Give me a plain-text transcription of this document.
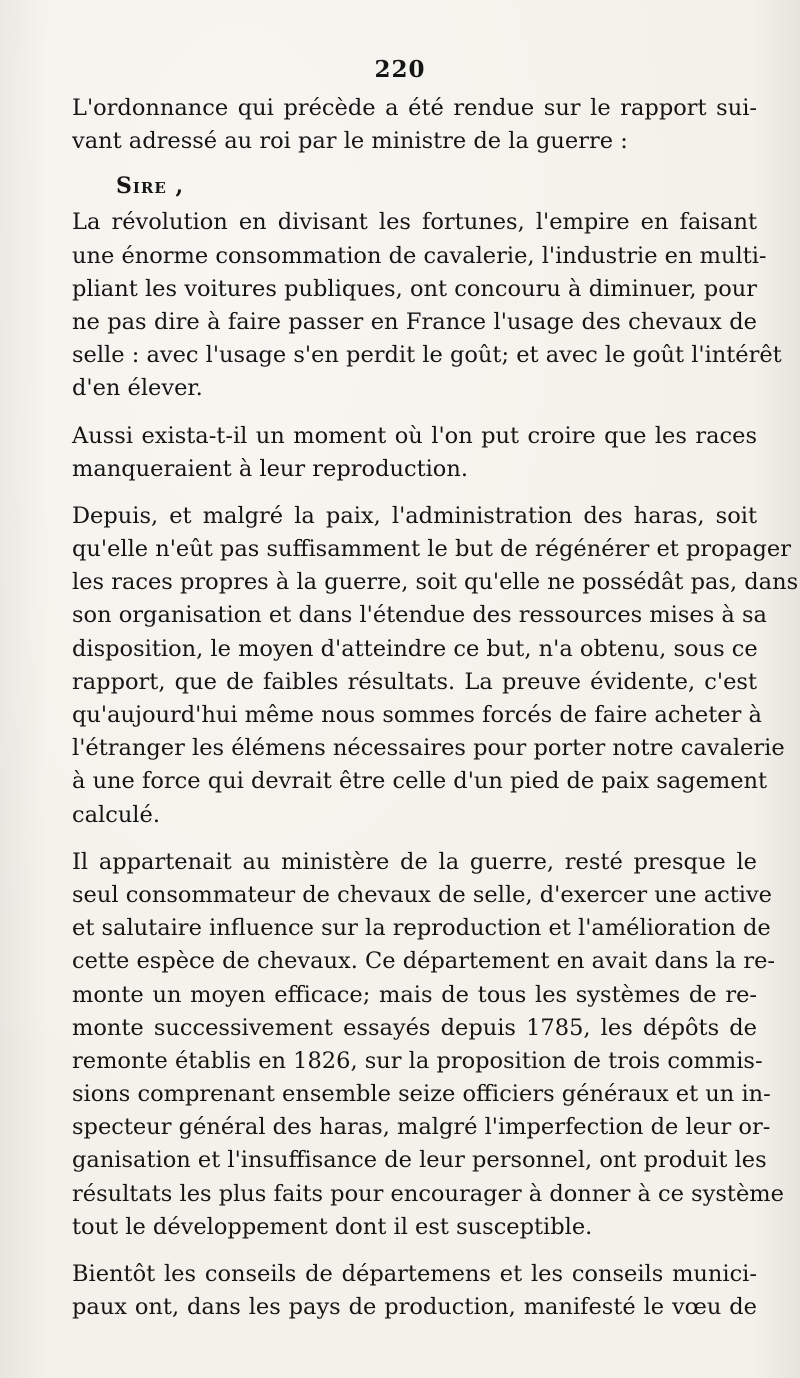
220
L'ordonnance qui précède a été rendue sur le rapport sui-
vant adressé au roi par le ministre de la guerre :
Sire ,
La révolution en divisant les fortunes, l'empire en faisant
une énorme consommation de cavalerie, l'industrie en multi-
pliant les voitures publiques, ont concouru à diminuer, pour
ne pas dire à faire passer en France l'usage des chevaux de
selle : avec l'usage s'en perdit le goût; et avec le goût l'intérêt
d'en élever.
Aussi exista-t-il un moment où l'on put croire que les races
manqueraient à leur reproduction.
Depuis, et malgré la paix, l'administration des haras, soit
qu'elle n'eût pas suffisamment le but de régénérer et propager
les races propres à la guerre, soit qu'elle ne possédât pas, dans
son organisation et dans l'étendue des ressources mises à sa
disposition, le moyen d'atteindre ce but, n'a obtenu, sous ce
rapport, que de faibles résultats. La preuve évidente, c'est
qu'aujourd'hui même nous sommes forcés de faire acheter à
l'étranger les élémens nécessaires pour porter notre cavalerie
à une force qui devrait être celle d'un pied de paix sagement
calculé.
Il appartenait au ministère de la guerre, resté presque le
seul consommateur de chevaux de selle, d'exercer une active
et salutaire influence sur la reproduction et l'amélioration de
cette espèce de chevaux. Ce département en avait dans la re-
monte un moyen efficace; mais de tous les systèmes de re-
monte successivement essayés depuis 1785, les dépôts de
remonte établis en 1826, sur la proposition de trois commis-
sions comprenant ensemble seize officiers généraux et un in-
specteur général des haras, malgré l'imperfection de leur or-
ganisation et l'insuffisance de leur personnel, ont produit les
résultats les plus faits pour encourager à donner à ce système
tout le développement dont il est susceptible.
Bientôt les conseils de départemens et les conseils munici-
paux ont, dans les pays de production, manifesté le vœu de
